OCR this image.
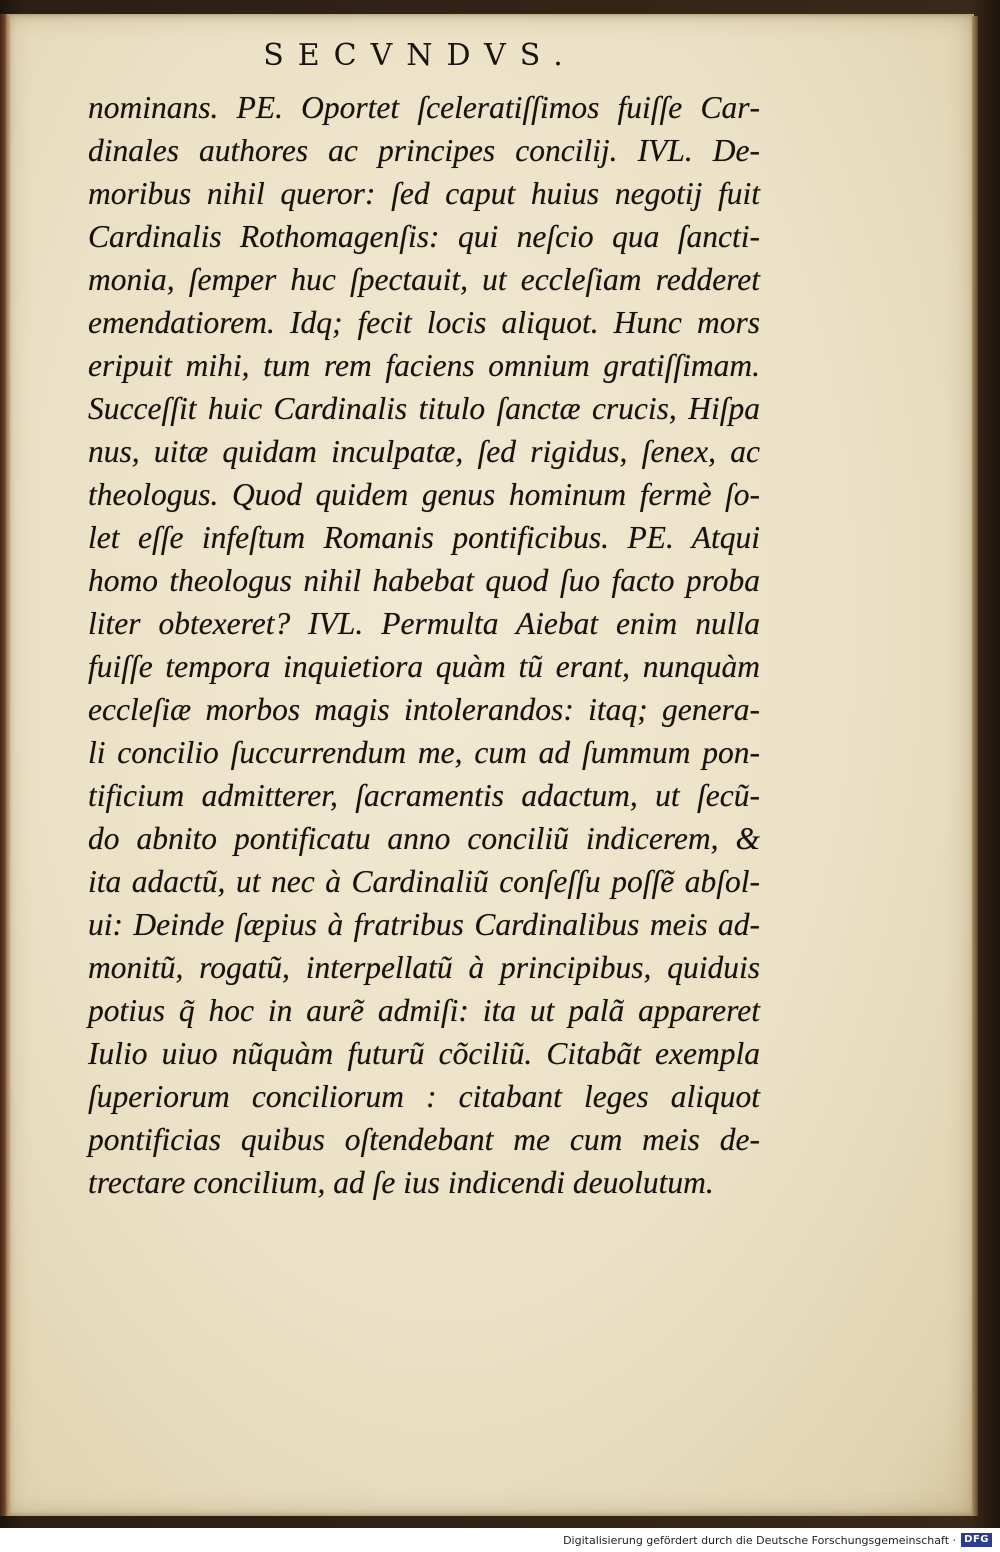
SECVNDVS.
nominans. PE. Oportet ſceleratiſſimos fuiſſe Car‑
dinales authores ac principes concilij. IVL. De‑
moribus nihil queror: ſed caput huius negotij fuit
Cardinalis Rothomagenſis: qui neſcio qua ſancti‑
monia, ſemper huc ſpectauit, ut eccleſiam redderet
emendatiorem. Idq; fecit locis aliquot. Hunc mors
eripuit mihi, tum rem faciens omnium gratiſſimam.
Succeſſit huic Cardinalis titulo ſanctæ crucis, Hiſpa
nus, uitæ quidam inculpatæ, ſed rigidus, ſenex, ac
theologus. Quod quidem genus hominum fermè ſo‑
let eſſe infeſtum Romanis pontificibus. PE. Atqui
homo theologus nihil habebat quod ſuo facto proba
liter obtexeret? IVL. Permulta Aiebat enim nulla
fuiſſe tempora inquietiora quàm tũ erant, nunquàm
eccleſiæ morbos magis intolerandos: itaq; genera‑
li concilio ſuccurrendum me, cum ad ſummum pon‑
tificium admitterer, ſacramentis adactum, ut ſecũ‑
do abnito pontificatu anno conciliũ indicerem, &
ita adactũ, ut nec à Cardinaliũ conſeſſu poſſẽ abſol‑
ui: Deinde ſæpius à fratribus Cardinalibus meis ad‑
monitũ, rogatũ, interpellatũ à principibus, quiduis
potius q̃ hoc in aurẽ admiſi: ita ut palã appareret
Iulio uiuo nũquàm futurũ cõciliũ. Citabãt exempla
ſuperiorum conciliorum : citabant leges aliquot
pontificias quibus oſtendebant me cum meis de‑
trectare concilium, ad ſe ius indicendi deuolutum.
Digitalisierung gefördert durch die Deutsche Forschungsgemeinschaft · DFG
